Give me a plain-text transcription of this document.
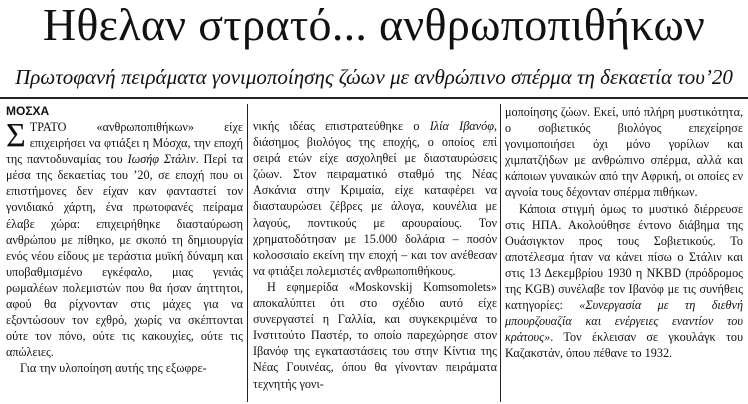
Ηθελαν στρατό... ανθρωποπιθήκων
Πρωτοφανή πειράματα γονιμοποίησης ζώων με ανθρώπινο σπέρμα τη δεκαετία του’20
ΜΟΣΧΑ

ΣΤΡΑΤΟ «ανθρωποπιθήκων» είχε επιχειρήσει να φτιάξει η Μόσχα, την εποχή της παντοδυναμίας του Ιωσήφ Στάλιν. Περί τα μέσα της δεκαετίας του ’20, σε εποχή που οι επιστήμονες δεν είχαν καν φανταστεί τον γονιδιακό χάρτη, ένα πρωτοφανές πείραμα έλαβε χώρα: επιχειρήθηκε διασταύρωση ανθρώπου με πίθηκο, με σκοπό τη δημιουργία ενός νέου είδους με τεράστια μυϊκή δύναμη και υποβαθμισμένο εγκέφαλο, μιας γενιάς ρωμαλέων πολεμιστών που θα ήσαν άηττητοι, αφού θα ρίχνονταν στις μάχες για να εξοντώσουν τον εχθρό, χωρίς να σκέπτονται ούτε τον πόνο, ούτε τις κακουχίες, ούτε τις απώλειες.

Για την υλοποίηση αυτής της εξωφρε-

νικής ιδέας επιστρατεύθηκε ο Ιλία Ιβανόφ, διάσημος βιολόγος της εποχής, ο οποίος επί σειρά ετών είχε ασχοληθεί με διασταυρώσεις ζώων. Στον πειραματικό σταθμό της Νέας Ασκάνια στην Κριμαία, είχε καταφέρει να διασταυρώσει ζέβρες με άλογα, κουνέλια με λαγούς, ποντικούς με αρουραίους. Τον χρηματοδότησαν με 15.000 δολάρια – ποσόν κολοσσιαίο εκείνη την εποχή – και τον ανέθεσαν να φτιάξει πολεμιστές ανθρωποπιθήκους.

Η εφημερίδα «Moskovskij Komsomolets» αποκαλύπτει ότι στο σχέδιο αυτό είχε συνεργαστεί η Γαλλία, και συγκεκριμένα το Ινστιτούτο Παστέρ, το οποίο παρεχώρησε στον Ιβανόφ της εγκαταστάσεις του στην Κίντια της Νέας Γουινέας, όπου θα γίνονταν πειράματα τεχνητής γονι-

μοποίησης ζώων. Εκεί, υπό πλήρη μυστικότητα, ο σοβιετικός βιολόγος επεχείρησε γονιμοποιήσει όχι μόνο γορίλων και χιμπατζήδων με ανθρώπινο σπέρμα, αλλά και κάποιων γυναικών από την Αφρική, οι οποίες εν αγνοία τους δέχονταν σπέρμα πιθήκων.

Κάποια στιγμή όμως το μυστικό διέρρευσε στις ΗΠΑ. Ακολούθησε έντονο διάβημα της Ουάσιγκτον προς τους Σοβιετικούς. Το αποτέλεσμα ήταν να κάνει πίσω ο Στάλιν και στις 13 Δεκεμβρίου 1930 η NKBD (πρόδρομος της KGB) συνέλαβε τον Ιβανόφ με τις συνήθεις κατηγορίες: «Συνεργασία με τη διεθνή μπουρζουαζία και ενέργειες εναντίον του κράτους». Τον έκλεισαν σε γκουλάγκ του Καζακστάν, όπου πέθανε το 1932.
